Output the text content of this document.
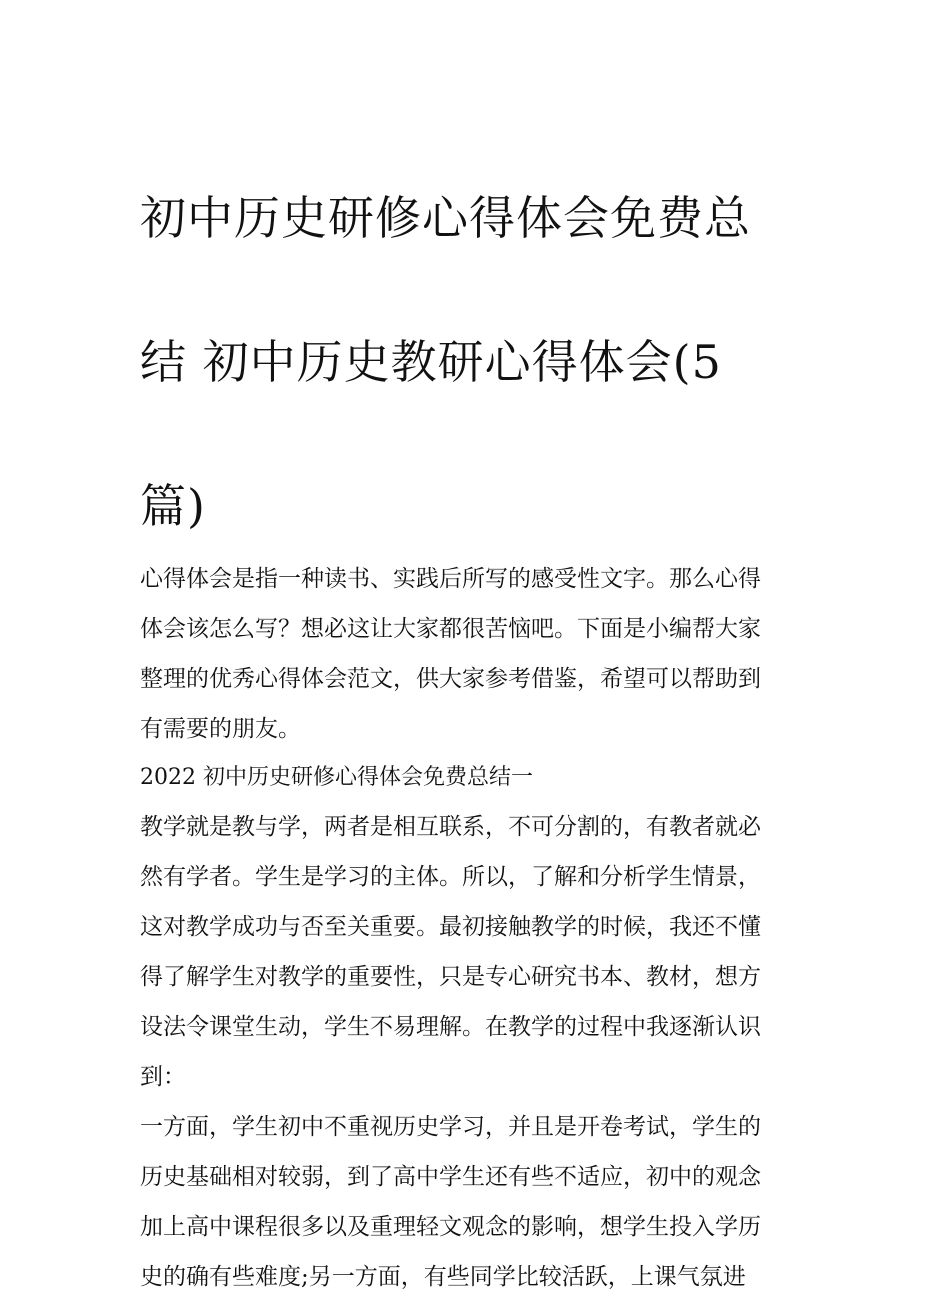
初中历史研修心得体会免费总

结 初中历史教研心得体会(5

篇)

心得体会是指一种读书、实践后所写的感受性文字。那么心得
体会该怎么写？想必这让大家都很苦恼吧。下面是小编帮大家
整理的优秀心得体会范文，供大家参考借鉴，希望可以帮助到
有需要的朋友。

2022 初中历史研修心得体会免费总结一

教学就是教与学，两者是相互联系，不可分割的，有教者就必
然有学者。学生是学习的主体。所以，了解和分析学生情景，
这对教学成功与否至关重要。最初接触教学的时候，我还不懂
得了解学生对教学的重要性，只是专心研究书本、教材，想方
设法令课堂生动，学生不易理解。在教学的过程中我逐渐认识
到：

一方面，学生初中不重视历史学习，并且是开卷考试，学生的
历史基础相对较弱，到了高中学生还有些不适应，初中的观念
加上高中课程很多以及重理轻文观念的影响，想学生投入学历
史的确有些难度;另一方面，有些同学比较活跃，上课气氛进
